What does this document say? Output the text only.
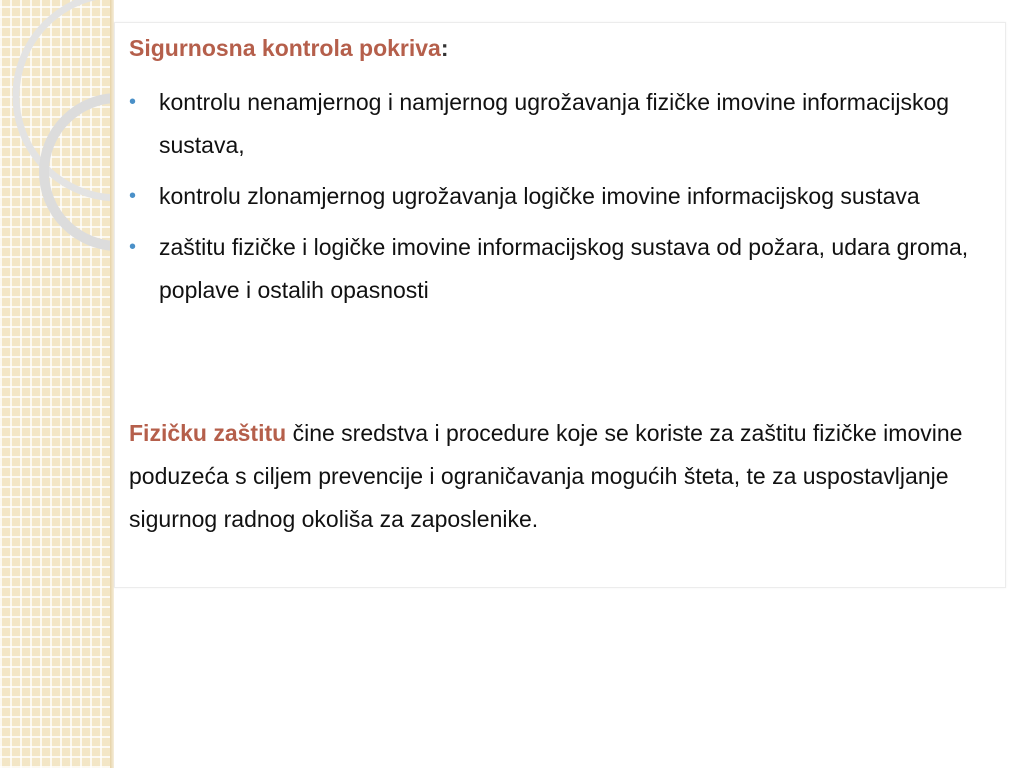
Sigurnosna kontrola pokriva:
• kontrolu nenamjernog i namjernog ugrožavanja fizičke imovine informacijskog sustava,
• kontrolu zlonamjernog ugrožavanja logičke imovine informacijskog sustava
• zaštitu fizičke i logičke imovine informacijskog sustava od požara, udara groma, poplave i ostalih opasnosti

Fizičku zaštitu čine sredstva i procedure koje se koriste za zaštitu fizičke imovine poduzeća s ciljem prevencije i ograničavanja mogućih šteta, te za uspostavljanje sigurnog radnog okoliša za zaposlenike.
